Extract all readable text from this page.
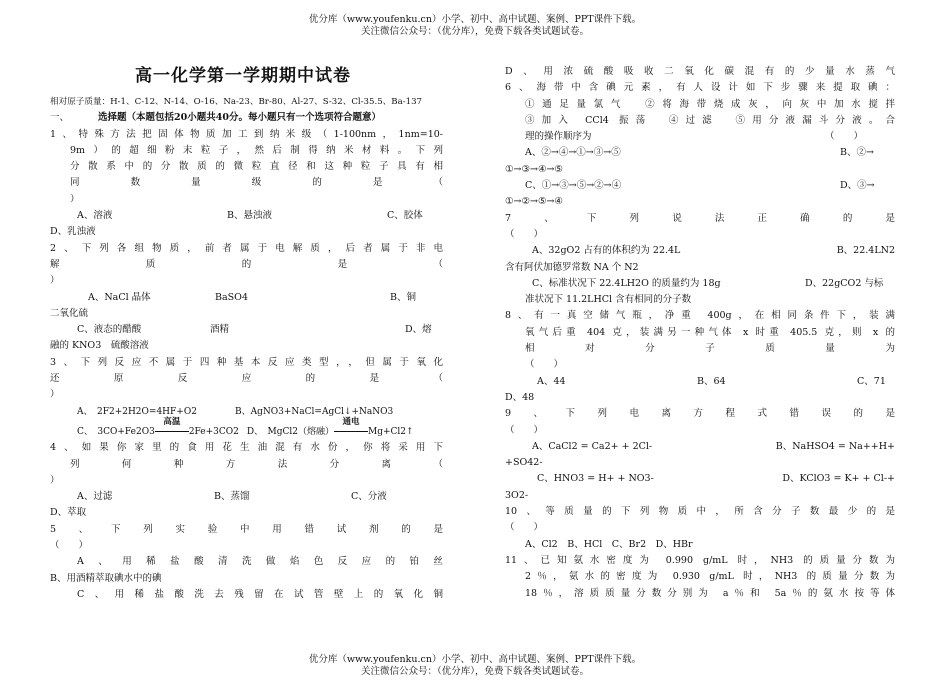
优分库（www.youfenku.cn）小学、初中、高中试题、案例、PPT课件下载。
关注微信公众号：（优分库），免费下载各类试题试卷。
高一化学第一学期期中试卷
相对原子质量：H-1、C-12、N-14、O-16、Na-23、Br-80、Al-27、S-32、Cl-35.5、Ba-137
一、	选择题（本题包括20小题共40分。每小题只有一个选项符合题意）
1、特殊方法把固体物质加工到纳米级（1-100nm，1nm=10-
9m）的超细粉末粒子，然后制得纳米材料。下列
分散系中的分散质的微粒直径和这种粒子具有相
同数量级的是（
）
A、溶液	B、悬浊液	C、胶体
D、乳浊液
2、下列各组物质，前者属于电解质，后者属于非电
解质的是（
）
A、NaCl 晶体	BaSO4	B、铜
二氧化硫
C、液态的醋酸	酒精	D、熔
融的 KNO3　硫酸溶液
3、下列反应不属于四种基本反应类型，，但属于氧化
还原反应的是（
）
A、　2F2+2H2O=4HF+O2	B、AgNO3+NaCl=AgCl↓+NaNO3
C、　3CO+Fe2O3
高温
2Fe+3CO2 D、　MgCl2（熔融）
通电
Mg+Cl2↑
4、如果你家里的食用花生油混有水份，你将采用下
列何种方法分离（
）
A、过滤	B、蒸馏	C、分液
D、萃取
5、下列实验中用错试剂的是
（　　）
A、用稀盐酸清洗做焰色反应的铂丝
B、用酒精萃取碘水中的碘
C、用稀盐酸洗去残留在试管壁上的氧化铜
D、用浓硫酸吸收二氧化碳混有的少量水蒸气
6、海带中含碘元素，有人设计如下步骤来提取碘：
①通足量氯气　②将海带烧成灰，向灰中加水搅拌
③加入 CCl4 振荡　④过滤　⑤用分液漏斗分液。合
理的操作顺序为	（　　）
A、②→④→①→③→⑤	B、②→
①→③→④→⑤
C、①→③→⑤→②→④	D、③→
①→②→⑤→④
7、下列说法正确的是
（　　）
A、32gO2 占有的体积约为 22.4L	B、22.4LN2
含有阿伏加德罗常数 NA 个 N2
C、标准状况下 22.4LH2O 的质量约为 18g	D、22gCO2 与标
准状况下 11.2LHCl 含有相同的分子数
8、有一真空储气瓶，净重 400g，在相同条件下，装满
氧气后重 404 克，装满另一种气体 x 时重 405.5 克，则 x 的
相对分子质量为
（　　）
A、44	B、64	C、71
D、48
9、下列电离方程式错误的是
（　　）
A、CaCl2 = Ca2+ + 2Cl-	B、NaHSO4 = Na++H+
+SO42-
C、HNO3 = H+ + NO3-	D、KClO3 = K+ + Cl-+
3O2-
10、等质量的下列物质中，所含分子数最少的是
（　　）
A、Cl2　B、HCl　C、Br2　D、HBr
11、已知氨水密度为 0.990 g/mL 时，NH3 的质量分数为
2％，氨水的密度为 0.930 g/mL 时，NH3 的质量分数为
18％，溶质质量分数分别为 a％和 5a％的氨水按等体
优分库（www.youfenku.cn）小学、初中、高中试题、案例、PPT课件下载。
关注微信公众号：（优分库），免费下载各类试题试卷。
